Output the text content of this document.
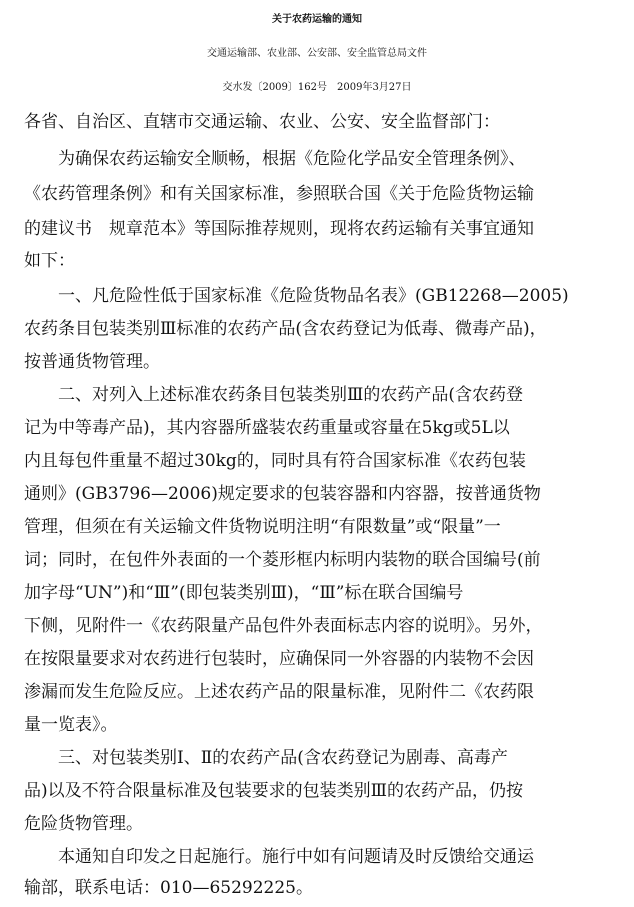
关于农药运输的通知
交通运输部、农业部、公安部、安全监管总局文件
交水发〔2009〕162号　2009年3月27日
各省、自治区、直辖市交通运输、农业、公安、安全监督部门：
为确保农药运输安全顺畅，根据《危险化学品安全管理条例》、
《农药管理条例》和有关国家标准，参照联合国《关于危险货物运输
的建议书　规章范本》等国际推荐规则，现将农药运输有关事宜通知
如下：
一、凡危险性低于国家标准《危险货物品名表》(GB12268—2005)
农药条目包装类别Ⅲ标准的农药产品(含农药登记为低毒、微毒产品)，
按普通货物管理。
二、对列入上述标准农药条目包装类别Ⅲ的农药产品(含农药登
记为中等毒产品)，其内容器所盛装农药重量或容量在5kg或5L以
内且每包件重量不超过30kg的，同时具有符合国家标准《农药包装
通则》(GB3796—2006)规定要求的包装容器和内容器，按普通货物
管理，但须在有关运输文件货物说明注明“有限数量”或“限量”一
词；同时，在包件外表面的一个菱形框内标明内装物的联合国编号(前
加字母“UN”)和“Ⅲ”(即包装类别Ⅲ)，“Ⅲ”标在联合国编号
下侧，见附件一《农药限量产品包件外表面标志内容的说明》。另外，
在按限量要求对农药进行包装时，应确保同一外容器的内装物不会因
渗漏而发生危险反应。上述农药产品的限量标准，见附件二《农药限
量一览表》。
三、对包装类别Ⅰ、Ⅱ的农药产品(含农药登记为剧毒、高毒产
品)以及不符合限量标准及包装要求的包装类别Ⅲ的农药产品，仍按
危险货物管理。
本通知自印发之日起施行。施行中如有问题请及时反馈给交通运
输部，联系电话：010—65292225。
